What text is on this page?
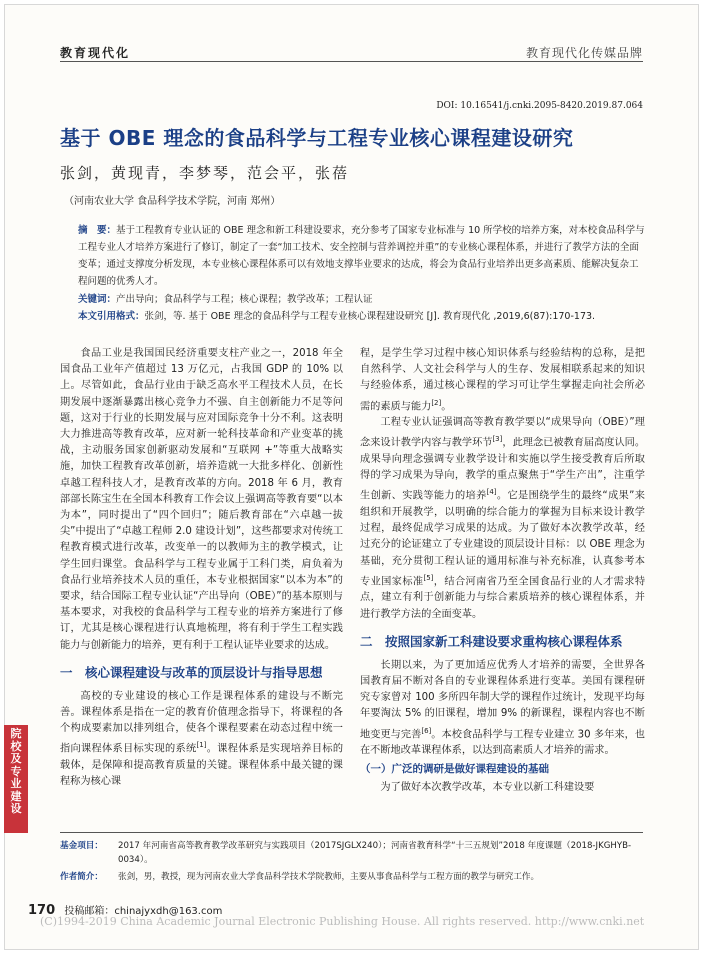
教育现代化	教育现代化传媒品牌
DOI: 10.16541/j.cnki.2095-8420.2019.87.064
基于 OBE 理念的食品科学与工程专业核心课程建设研究
张剑，黄现青，李梦琴，范会平，张蓓
（河南农业大学 食品科学技术学院，河南 郑州）
摘　要：基于工程教育专业认证的 OBE 理念和新工科建设要求，充分参考了国家专业标准与 10 所学校的培养方案，对本校食品科学与工程专业人才培养方案进行了修订，制定了一套“加工技术、安全控制与营养调控并重”的专业核心课程体系，并进行了教学方法的全面变革；通过支撑度分析发现，本专业核心课程体系可以有效地支撑毕业要求的达成，将会为食品行业培养出更多高素质、能解决复杂工程问题的优秀人才。
关键词：产出导向；食品科学与工程；核心课程；教学改革；工程认证
本文引用格式：张剑，等. 基于 OBE 理念的食品科学与工程专业核心课程建设研究 [J]. 教育现代化 ,2019,6(87):170-173.

食品工业是我国国民经济重要支柱产业之一，2018 年全国食品工业年产值超过 13 万亿元，占我国 GDP 的 10% 以上。尽管如此，食品行业由于缺乏高水平工程技术人员，在长期发展中逐渐暴露出核心竞争力不强、自主创新能力不足等问题，这对于行业的长期发展与应对国际竞争十分不利。这表明大力推进高等教育改革，应对新一轮科技革命和产业变革的挑战，主动服务国家创新驱动发展和“互联网 +”等重大战略实施，加快工程教育改革创新，培养造就一大批多样化、创新性卓越工程科技人才，是教育改革的方向。2018 年 6 月，教育部部长陈宝生在全国本科教育工作会议上强调高等教育要“以本为本”，同时提出了“四个回归”；随后教育部在“六卓越一拔尖”中提出了“卓越工程师 2.0 建设计划”，这些都要求对传统工程教育模式进行改革，改变单一的以教师为主的教学模式，让学生回归课堂。食品科学与工程专业属于工科门类，肩负着为食品行业培养技术人员的重任，本专业根据国家“以本为本”的要求，结合国际工程专业认证“产出导向（OBE）”的基本原则与基本要求，对我校的食品科学与工程专业的培养方案进行了修订，尤其是核心课程进行认真地梳理，将有利于学生工程实践能力与创新能力的培养，更有利于工程认证毕业要求的达成。

一　核心课程建设与改革的顶层设计与指导思想

高校的专业建设的核心工作是课程体系的建设与不断完善。课程体系是指在一定的教育价值理念指导下，将课程的各个构成要素加以排列组合，使各个课程要素在动态过程中统一指向课程体系目标实现的系统[1]。课程体系是实现培养目标的载体，是保障和提高教育质量的关键。课程体系中最关键的课程称为核心课

程，是学生学习过程中核心知识体系与经验结构的总称，是把自然科学、人文社会科学与人的生存、发展相联系起来的知识与经验体系，通过核心课程的学习可让学生掌握走向社会所必需的素质与能力[2]。

工程专业认证强调高等教育教学要以“成果导向（OBE）”理念来设计教学内容与教学环节[3]，此理念已被教育届高度认同。成果导向理念强调专业教学设计和实施以学生接受教育后所取得的学习成果为导向，教学的重点聚焦于“学生产出”，注重学生创新、实践等能力的培养[4]。它是围绕学生的最终“成果”来组织和开展教学，以明确的综合能力的掌握为目标来设计教学过程，最终促成学习成果的达成。为了做好本次教学改革，经过充分的论证建立了专业建设的顶层设计目标：以 OBE 理念为基础，充分贯彻工程认证的通用标准与补充标准，认真参考本专业国家标准[5]，结合河南省乃至全国食品行业的人才需求特点，建立有利于创新能力与综合素质培养的核心课程体系，并进行教学方法的全面变革。

二　按照国家新工科建设要求重构核心课程体系

长期以来，为了更加适应优秀人才培养的需要，全世界各国教育届不断对各自的专业课程体系进行变革。美国有课程研究专家曾对 100 多所四年制大学的课程作过统计，发现平均每年要淘汰 5% 的旧课程，增加 9% 的新课程，课程内容也不断地变更与完善[6]。本校食品科学与工程专业建立 30 多年来，也在不断地改革课程体系，以达到高素质人才培养的需求。

（一）广泛的调研是做好课程建设的基础

为了做好本次教学改革，本专业以新工科建设要

院校及专业建设
基金项目：	2017 年河南省高等教育教学改革研究与实践项目（2017SJGLX240）；河南省教育科学“十三五规划”2018 年度课题（2018-JKGHYB-0034）。
作者简介：	张剑，男，教授，现为河南农业大学食品科学技术学院教师，主要从事食品科学与工程方面的教学与研究工作。
170 投稿邮箱：chinajyxdh@163.com
(C)1994-2019 China Academic Journal Electronic Publishing House. All rights reserved. http://www.cnki.net
